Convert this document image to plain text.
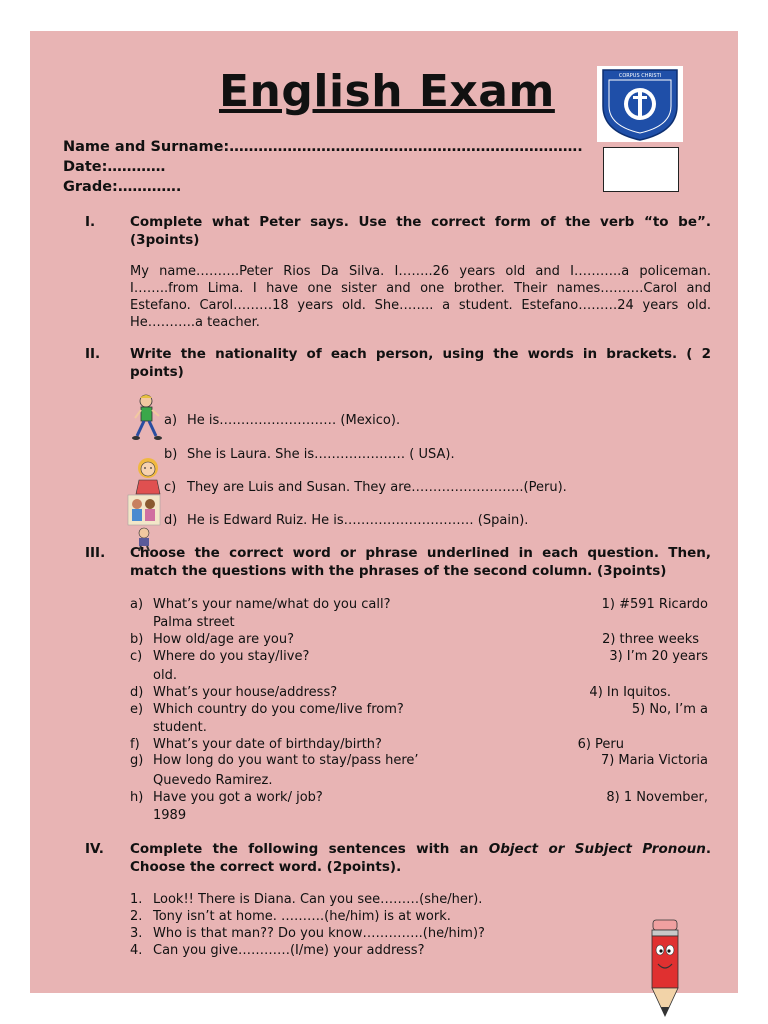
English Exam	CORPUS CHRISTI
Name and Surname:……………………………………………………………….
Date:…………
Grade:………….
I.	Complete what Peter says. Use the correct form of the verb “to be”. (3points)
My name……….Peter Rios Da Silva. I……..26 years old and I………..a policeman. I……..from Lima. I have one sister and one brother. Their names……….Carol and Estefano. Carol………18 years old. She…….. a student. Estefano………24 years old. He………..a teacher.
II. Write the nationality of each person, using the words in brackets. ( 2 points)
a) He is……………………… (Mexico).
b) She is Laura. She is………………… ( USA).
c) They are Luis and Susan. They are……………………..(Peru).
d) He is Edward Ruiz. He is………………………… (Spain).
III. Choose the correct word or phrase underlined in each question. Then, match the questions with the phrases of the second column. (3points)
a) What’s your name/what do you call?
b) How old/age are you?
c) Where do you stay/live?
d) What’s your house/address?
e) Which country do you come/live from?
f) What’s your date of birthday/birth?
g) How long do you want to stay/pass here’
h) Have you got a work/ job?
1) #591 Ricardo
Palma street
2) three weeks
3) I’m 20 years
old.
4) In Iquitos.
5) No, I’m a
student.
6) Peru
7) Maria Victoria
Quevedo Ramirez.
8) 1 November,
1989
IV. Complete the following sentences with an Object or Subject Pronoun. Choose the correct word. (2points).
1. Look!! There is Diana. Can you see………(she/her).
2. Tony isn’t at home. ……….(he/him) is at work.
3. Who is that man?? Do you know…………..(he/him)?
4. Can you give…………(I/me) your address?
